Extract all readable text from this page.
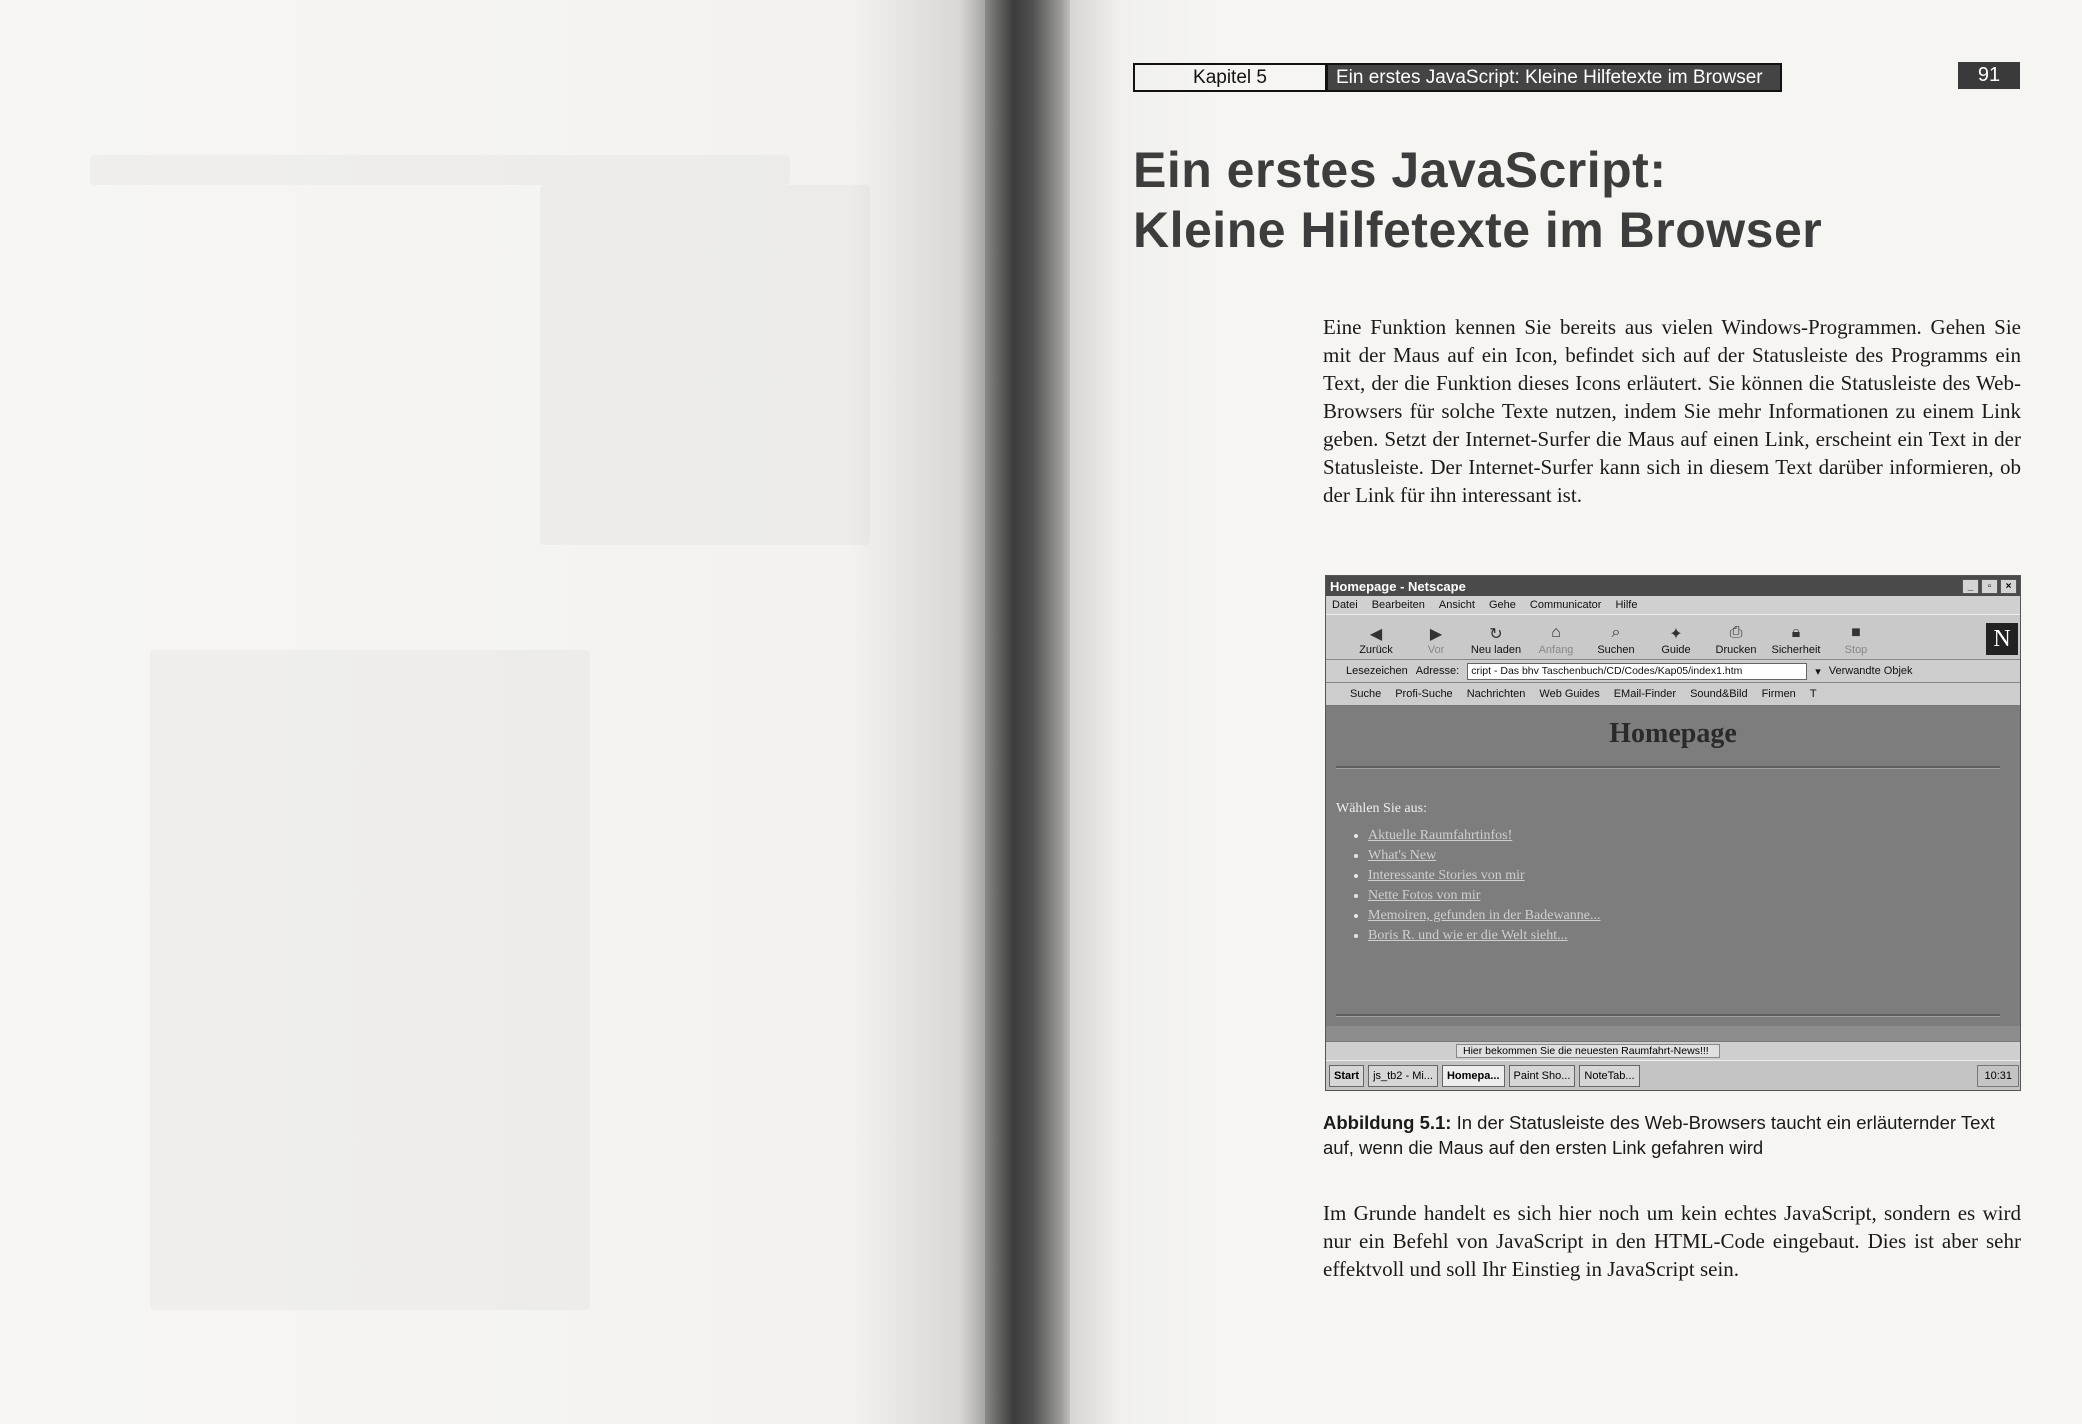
Kapitel 5	Ein erstes JavaScript: Kleine Hilfetexte im Browser	91
Ein erstes JavaScript:
Kleine Hilfetexte im Browser
Eine Funktion kennen Sie bereits aus vielen Windows-Programmen. Gehen Sie mit der Maus auf ein Icon, befindet sich auf der Statusleiste des Programms ein Text, der die Funktion dieses Icons erläutert. Sie können die Statusleiste des Web-Browsers für solche Texte nutzen, indem Sie mehr Informationen zu einem Link geben. Setzt der Internet-Surfer die Maus auf einen Link, erscheint ein Text in der Statusleiste. Der Internet-Surfer kann sich in diesem Text darüber informieren, ob der Link für ihn interessant ist.
Homepage - Netscape	_	▫	×
Datei Bearbeiten Ansicht Gehe Communicator Hilfe
◀
Zurück
▶
Vor
↻
Neu laden
⌂
Anfang
⌕
Suchen
✦
Guide
⎙
Drucken
🔒︎
Sicherheit
■
Stop	N
Lesezeichen Adresse:	cript - Das bhv Taschenbuch/CD/Codes/Kap05/index1.htm	▾ Verwandte Objek
Suche Profi-Suche Nachrichten Web Guides EMail-Finder Sound&Bild Firmen T
Homepage
Wählen Sie aus:
• Aktuelle Raumfahrtinfos!
• What's New
• Interessante Stories von mir
• Nette Fotos von mir
• Memoiren, gefunden in der Badewanne...
• Boris R. und wie er die Welt sieht...
Hier bekommen Sie die neuesten Raumfahrt-News!!!
Start	js_tb2 - Mi...	Homepa...	Paint Sho...	NoteTab...	10:31
Abbildung 5.1: In der Statusleiste des Web-Browsers taucht ein erläuternder Text auf, wenn die Maus auf den ersten Link gefahren wird
Im Grunde handelt es sich hier noch um kein echtes JavaScript, sondern es wird nur ein Befehl von JavaScript in den HTML-Code eingebaut. Dies ist aber sehr effektvoll und soll Ihr Einstieg in JavaScript sein.
